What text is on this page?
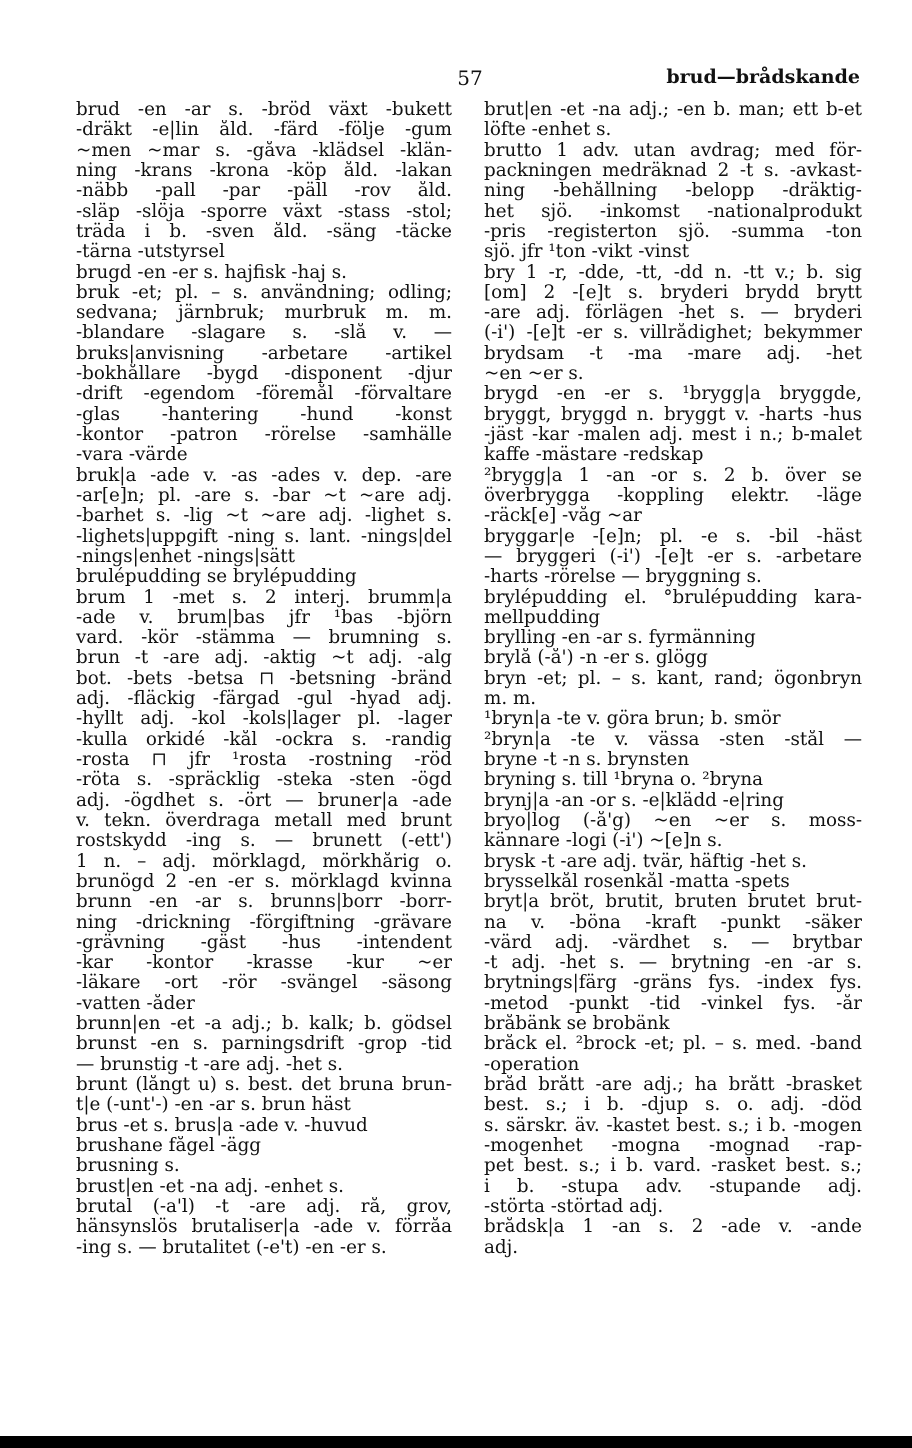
57	brud—brådskande
brud -en -ar s. -bröd växt -bukett
-dräkt -e|lin åld. -färd -följe -gum
~men ~mar s. -gåva -klädsel -klän-
ning -krans -krona -köp åld. -lakan
-näbb -pall -par -päll -rov åld.
-släp -slöja -sporre växt -stass -stol;
träda i b. -sven åld. -säng -täcke
-tärna -utstyrsel
brugd -en -er s. hajfisk -haj s.
bruk -et; pl. – s. användning; odling;
sedvana; järnbruk; murbruk m. m.
-blandare -slagare s. -slå v. —
bruks|anvisning -arbetare -artikel
-bokhållare -bygd -disponent -djur
-drift -egendom -föremål -förvaltare
-glas -hantering -hund -konst
-kontor -patron -rörelse -samhälle
-vara -värde
bruk|a -ade v. -as -ades v. dep. -are
-ar[e]n; pl. -are s. -bar ~t ~are adj.
-barhet s. -lig ~t ~are adj. -lighet s.
-lighets|uppgift -ning s. lant. -nings|del
-nings|enhet -nings|sätt
brulépudding se brylépudding
brum 1 -met s. 2 interj. brumm|a
-ade v. brum|bas jfr ¹bas -björn
vard. -kör -stämma — brumning s.
brun -t -are adj. -aktig ~t adj. -alg
bot. -bets -betsa ⊓ -betsning -bränd
adj. -fläckig -färgad -gul -hyad adj.
-hyllt adj. -kol -kols|lager pl. -lager
-kulla orkidé -kål -ockra s. -randig
-rosta ⊓ jfr ¹rosta -rostning -röd
-röta s. -spräcklig -steka -sten -ögd
adj. -ögdhet s. -ört — bruner|a -ade
v. tekn. överdraga metall med brunt
rostskydd -ing s. — brunett (-ett')
1 n. – adj. mörklagd, mörkhårig o.
brunögd 2 -en -er s. mörklagd kvinna
brunn -en -ar s. brunns|borr -borr-
ning -drickning -förgiftning -grävare
-grävning -gäst -hus -intendent
-kar -kontor -krasse -kur ~er
-läkare -ort -rör -svängel -säsong
-vatten -åder
brunn|en -et -a adj.; b. kalk; b. gödsel
brunst -en s. parningsdrift -grop -tid
— brunstig -t -are adj. -het s.
brunt (långt u) s. best. det bruna brun-
t|e (-unt'-) -en -ar s. brun häst
brus -et s. brus|a -ade v. -huvud
brushane fågel -ägg
brusning s.
brust|en -et -na adj. -enhet s.
brutal (-a'l) -t -are adj. rå, grov,
hänsynslös brutaliser|a -ade v. förråa
-ing s. — brutalitet (-e't) -en -er s.
brut|en -et -na adj.; -en b. man; ett b-et
löfte -enhet s.
brutto 1 adv. utan avdrag; med för-
packningen medräknad 2 -t s. -avkast-
ning -behållning -belopp -dräktig-
het sjö. -inkomst -nationalprodukt
-pris -registerton sjö. -summa -ton
sjö. jfr ¹ton -vikt -vinst
bry 1 -r, -dde, -tt, -dd n. -tt v.; b. sig
[om] 2 -[e]t s. bryderi brydd brytt
-are adj. förlägen -het s. — bryderi
(-i') -[e]t -er s. villrådighet; bekymmer
brydsam -t -ma -mare adj. -het
~en ~er s.
brygd -en -er s. ¹brygg|a bryggde,
bryggt, bryggd n. bryggt v. -harts -hus
-jäst -kar -malen adj. mest i n.; b-malet
kaffe -mästare -redskap
²brygg|a 1 -an -or s. 2 b. över se
överbrygga -koppling elektr. -läge
-räck[e] -våg ~ar
bryggar|e -[e]n; pl. -e s. -bil -häst
— bryggeri (-i') -[e]t -er s. -arbetare
-harts -rörelse — bryggning s.
brylépudding el. °brulépudding kara-
mellpudding
brylling -en -ar s. fyrmänning
brylå (-å') -n -er s. glögg
bryn -et; pl. – s. kant, rand; ögonbryn
m. m.
¹bryn|a -te v. göra brun; b. smör
²bryn|a -te v. vässa -sten -stål —
bryne -t -n s. brynsten
bryning s. till ¹bryna o. ²bryna
brynj|a -an -or s. -e|klädd -e|ring
bryo|log (-å'g) ~en ~er s. moss-
kännare -logi (-i') ~[e]n s.
brysk -t -are adj. tvär, häftig -het s.
brysselkål rosenkål -matta -spets
bryt|a bröt, brutit, bruten brutet brut-
na v. -böna -kraft -punkt -säker
-värd adj. -värdhet s. — brytbar
-t adj. -het s. — brytning -en -ar s.
brytnings|färg -gräns fys. -index fys.
-metod -punkt -tid -vinkel fys. -år
bråbänk se brobänk
bråck el. ²brock -et; pl. – s. med. -band
-operation
bråd brått -are adj.; ha brått -brasket
best. s.; i b. -djup s. o. adj. -död
s. särskr. äv. -kastet best. s.; i b. -mogen
-mogenhet -mogna -mognad -rap-
pet best. s.; i b. vard. -rasket best. s.;
i b. -stupa adv. -stupande adj.
-störta -störtad adj.
brådsk|a 1 -an s. 2 -ade v. -ande
adj.
